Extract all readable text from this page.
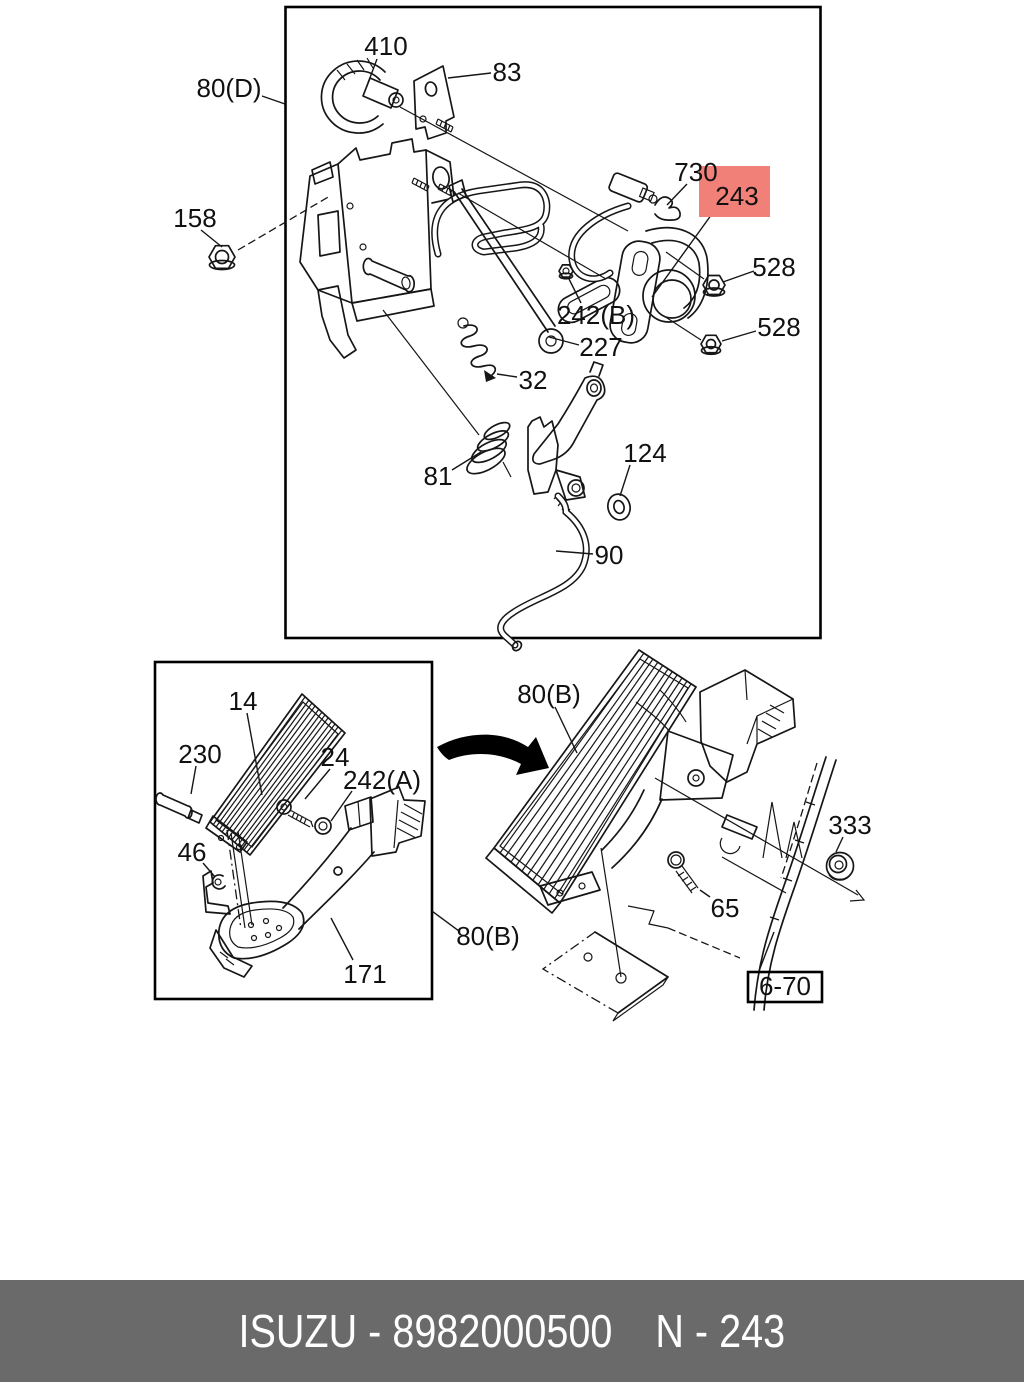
410
80(D)
83
158
730
243
528
242(B)
227
528
32
81
124
90
14
230	24
242(A)
46
171
80(B)
333
65
80(B)
6-70
ISUZU - 8982000500 N - 243
